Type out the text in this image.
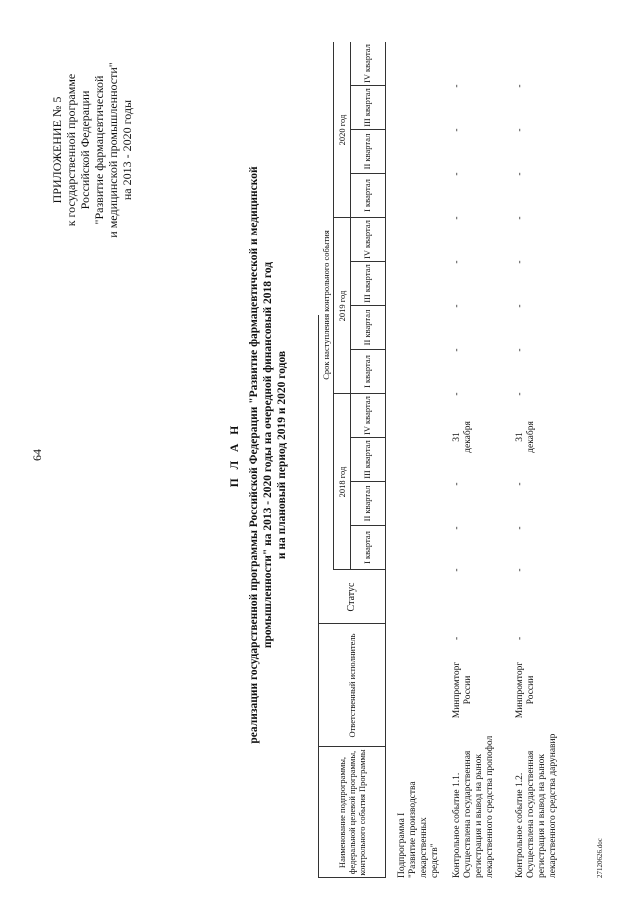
64
ПРИЛОЖЕНИЕ № 5 к государственной программе Российской Федерации "Развитие фармацевтической и медицинской промышленности" на 2013 - 2020 годы
П Л А Н реализации государственной программы Российской Федерации "Развитие фармацевтической и медицинской промышленности" на 2013 - 2020 годы на очередной финансовый 2018 год и на плановый период 2019 и 2020 годов
Наименование подпрограммы, федеральной целевой программы, контрольного события Программы
Ответственный исполнитель
Статус
Срок наступления контрольного события
2018 год
2019 год
2020 год
I квартал
II квартал
III квартал
IV квартал
I квартал
II квартал
III квартал
IV квартал
I квартал
II квартал
III квартал
IV квартал
Подпрограмма I "Развитие производства лекарственных средств" Контрольное событие 1.1. Осуществлена государственная регистрация и вывод на рынок лекарственного средства пропофол
-
Минпромторг России
-
-
-
31 декабря
-
-
-
-
-
-
-
-
Контрольное событие 1.2. Осуществлена государственная регистрация и вывод на рынок лекарственного средства дарунавир
-
Минпромторг России
-
-
-
31 декабря
-
-
-
-
-
-
-
-
27120626.doc
